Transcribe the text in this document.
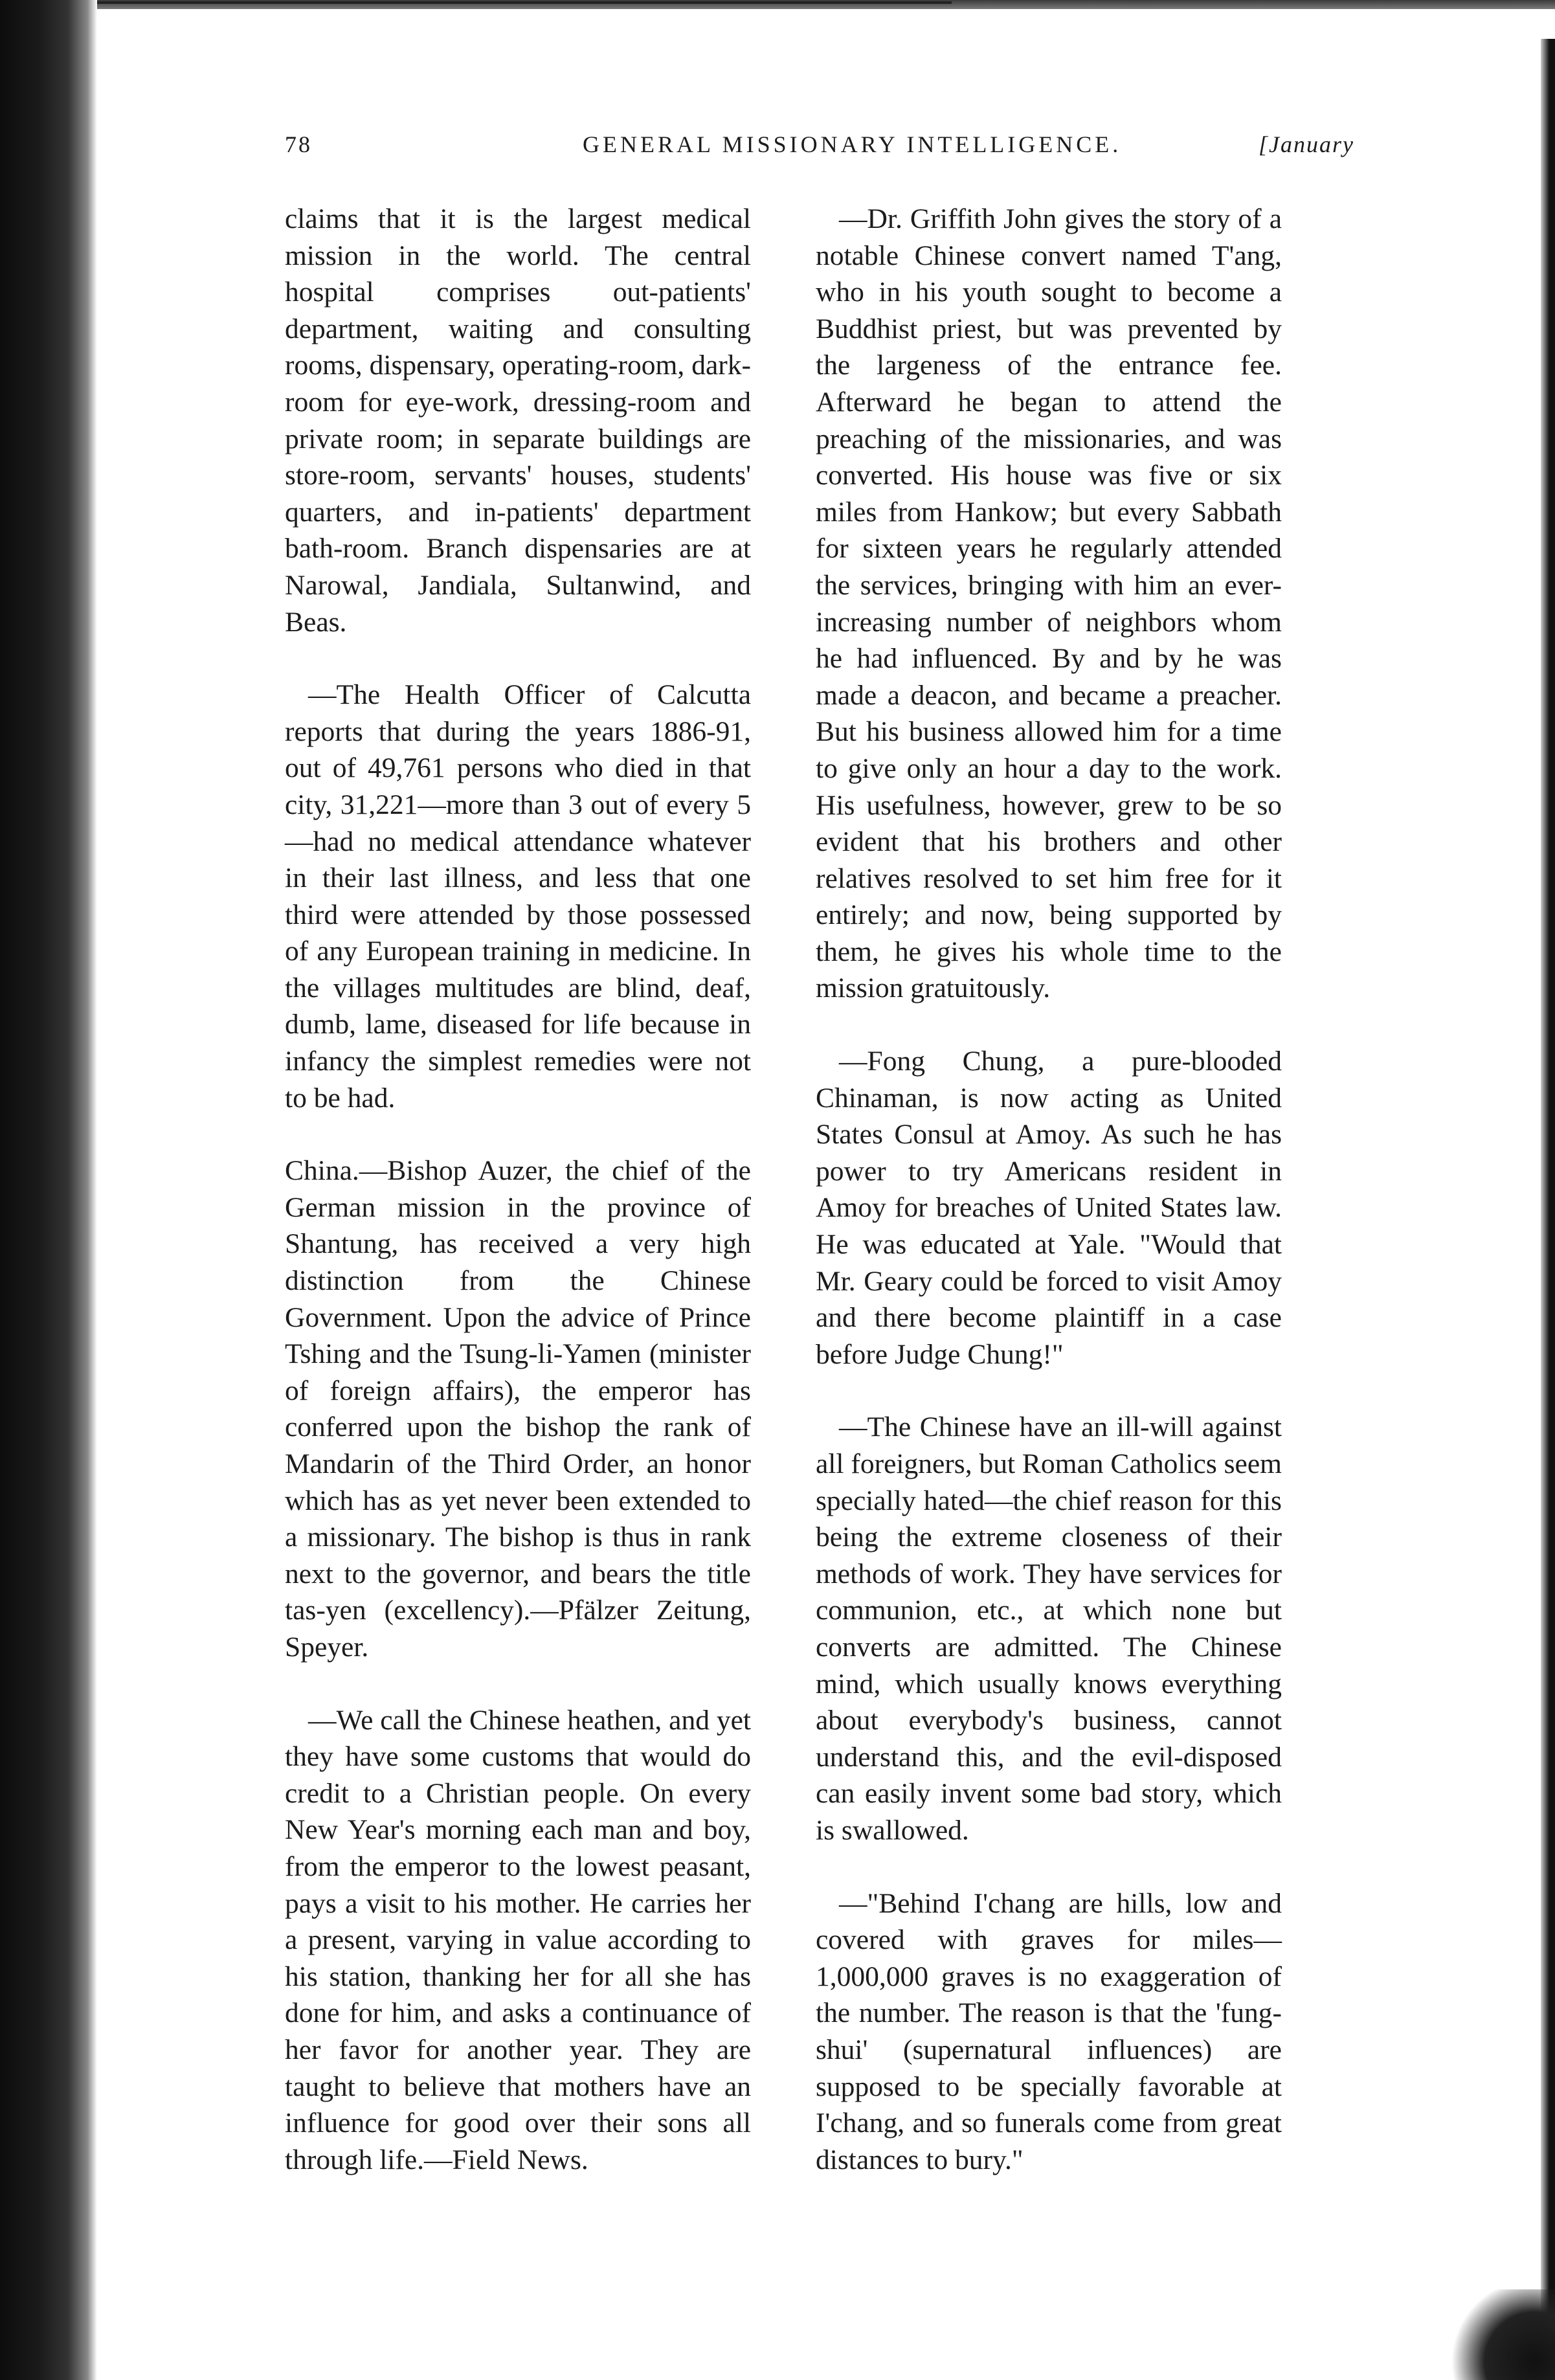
78	GENERAL MISSIONARY INTELLIGENCE.	[January

claims that it is the largest medical mission in the world. The central hospital comprises out-patients' department, waiting and consulting rooms, dispensary, operating-room, dark-room for eye-work, dressing-room and private room; in separate buildings are store-room, servants' houses, students' quarters, and in-patients' department bath-room. Branch dispensaries are at Narowal, Jandiala, Sultanwind, and Beas.

—The Health Officer of Calcutta reports that during the years 1886-91, out of 49,761 persons who died in that city, 31,221—more than 3 out of every 5—had no medical attendance whatever in their last illness, and less that one third were attended by those possessed of any European training in medicine. In the villages multitudes are blind, deaf, dumb, lame, diseased for life because in infancy the simplest remedies were not to be had.

China.—Bishop Auzer, the chief of the German mission in the province of Shantung, has received a very high distinction from the Chinese Government. Upon the advice of Prince Tshing and the Tsung-li-Yamen (minister of foreign affairs), the emperor has conferred upon the bishop the rank of Mandarin of the Third Order, an honor which has as yet never been extended to a missionary. The bishop is thus in rank next to the governor, and bears the title tas-yen (excellency).—Pfälzer Zeitung, Speyer.

—We call the Chinese heathen, and yet they have some customs that would do credit to a Christian people. On every New Year's morning each man and boy, from the emperor to the lowest peasant, pays a visit to his mother. He carries her a present, varying in value according to his station, thanking her for all she has done for him, and asks a continuance of her favor for another year. They are taught to believe that mothers have an influence for good over their sons all through life.—Field News.

—Dr. Griffith John gives the story of a notable Chinese convert named T'ang, who in his youth sought to become a Buddhist priest, but was prevented by the largeness of the entrance fee. Afterward he began to attend the preaching of the missionaries, and was converted. His house was five or six miles from Hankow; but every Sabbath for sixteen years he regularly attended the services, bringing with him an ever-increasing number of neighbors whom he had influenced. By and by he was made a deacon, and became a preacher. But his business allowed him for a time to give only an hour a day to the work. His usefulness, however, grew to be so evident that his brothers and other relatives resolved to set him free for it entirely; and now, being supported by them, he gives his whole time to the mission gratuitously.

—Fong Chung, a pure-blooded Chinaman, is now acting as United States Consul at Amoy. As such he has power to try Americans resident in Amoy for breaches of United States law. He was educated at Yale. "Would that Mr. Geary could be forced to visit Amoy and there become plaintiff in a case before Judge Chung!"

—The Chinese have an ill-will against all foreigners, but Roman Catholics seem specially hated—the chief reason for this being the extreme closeness of their methods of work. They have services for communion, etc., at which none but converts are admitted. The Chinese mind, which usually knows everything about everybody's business, cannot understand this, and the evil-disposed can easily invent some bad story, which is swallowed.

—"Behind I'chang are hills, low and covered with graves for miles—1,000,000 graves is no exaggeration of the number. The reason is that the 'fung-shui' (supernatural influences) are supposed to be specially favorable at I'chang, and so funerals come from great distances to bury."
